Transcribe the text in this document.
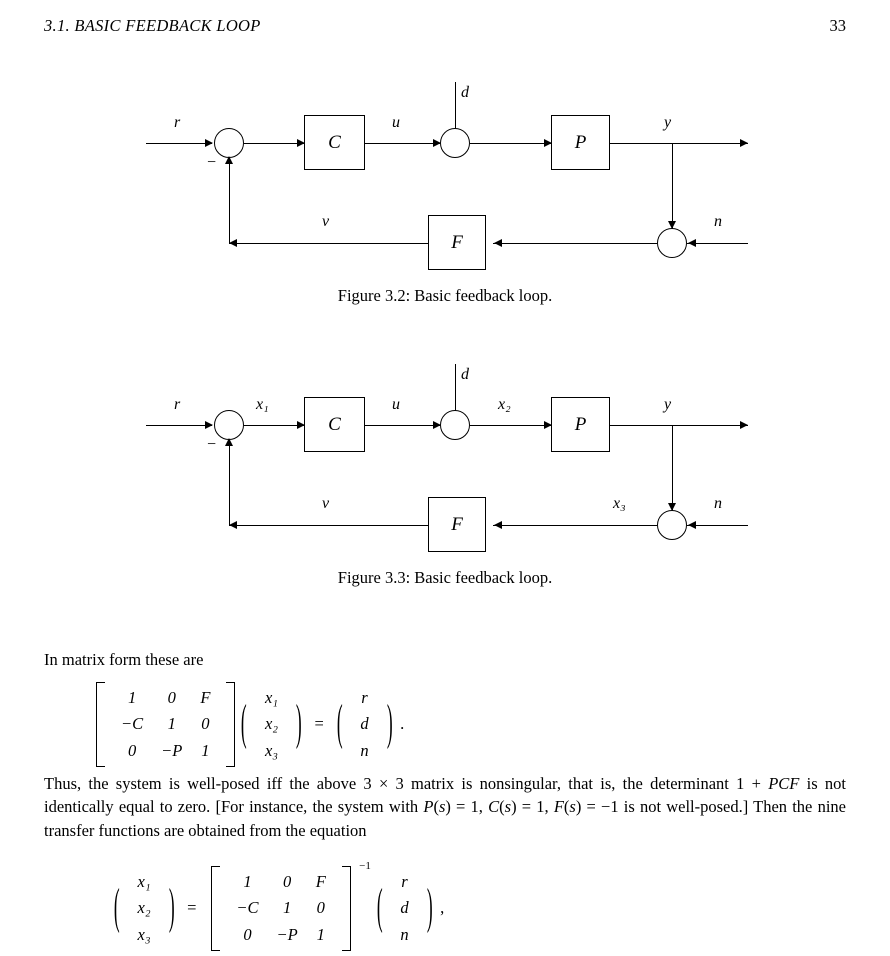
3.1. BASIC FEEDBACK LOOP	33
d
r
−
C
u
P
y
n
F
v
Figure 3.2: Basic feedback loop.
d
r
−
x₁
C
u	x₂
P
y
n
x₃
F
v
Figure 3.3: Basic feedback loop.
In matrix form these are
1	0	F
−C	1	0
0	−P	1	(	x₁
x₂
x₃	) = (	r
d
n	) .
Thus, the system is well-posed iff the above 3 × 3 matrix is nonsingular, that is, the determinant 1 + PCF is not identically equal to zero. [For instance, the system with P(s) = 1, C(s) = 1, F(s) = −1 is not well-posed.] Then the nine transfer functions are obtained from the equation
(	x₁
x₂
x₃	) =
1	0	F
−C	1	0
0	−P	1
−1
(	r
d
n	) ,
